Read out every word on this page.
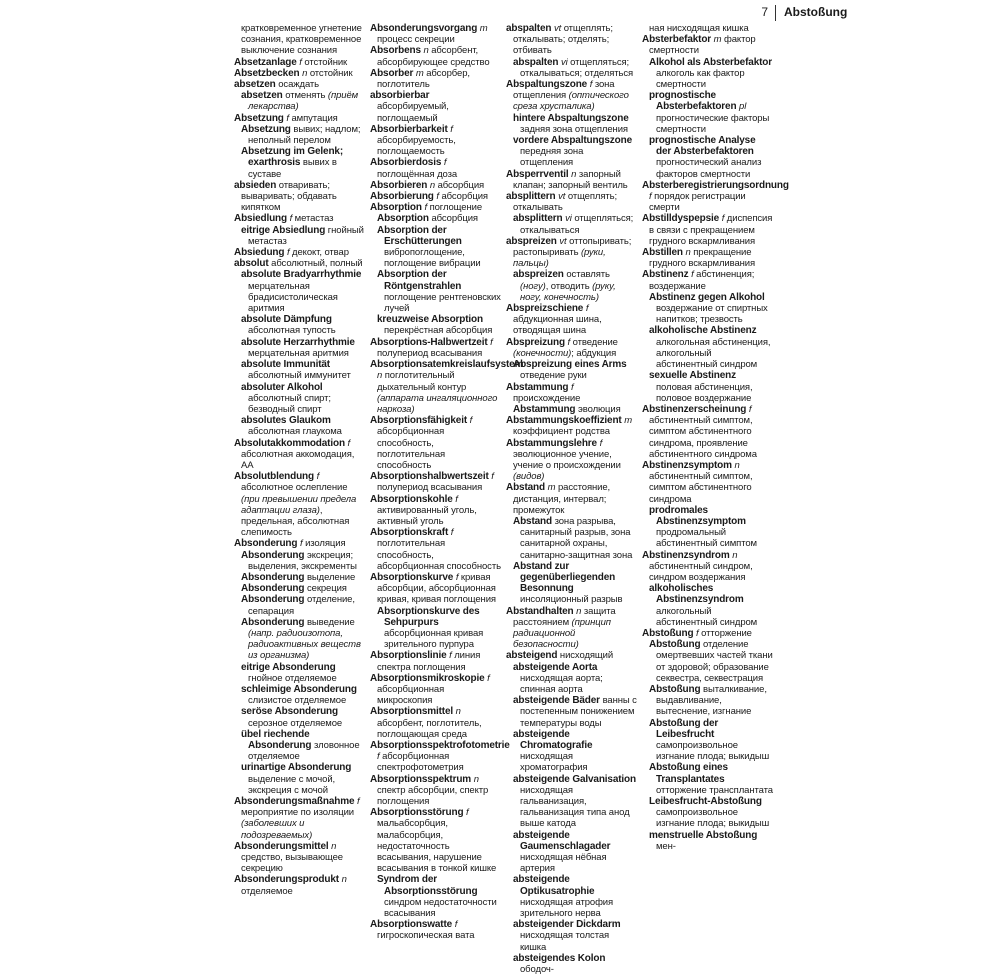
7 Abstoßung

кратковременное угнетение сознания, кратковременное выключение сознания

Absetzanlage f отстойник

Absetzbecken n отстойник

absetzen осаждать

absetzen отменять (приём лекарства)

Absetzung f ампутация

Absetzung вывих; надлом; неполный перелом

Absetzung im Gelenk; exarthrosis вывих в суставе

absieden отваривать; вываривать; обдавать кипятком

Absiedlung f метастаз

eitrige Absiedlung гнойный метастаз

Absiedung f декокт, отвар

absolut абсолютный, полный

absolute Bradyarrhythmie мерцательная брадисистолическая аритмия

absolute Dämpfung абсолютная тупость

absolute Herzarrhythmie мерцательная аритмия

absolute Immunität абсолютный иммунитет

absoluter Alkohol абсолютный спирт; безводный спирт

absolutes Glaukom абсолютная глаукома

Absolutakkommodation f абсолютная аккомодация, АА

Absolutblendung f абсолютное ослепление (при превышении предела адаптации глаза), предельная, абсолютная слепимость

Absonderung f изоляция

Absonderung экскреция; выделения, экскременты

Absonderung выделение

Absonderung секреция

Absonderung отделение, сепарация

Absonderung выведение (напр. радиоизотопа, радиоактивных веществ из организма)

eitrige Absonderung гнойное отделяемое

schleimige Absonderung слизистое отделяемое

seröse Absonderung серозное отделяемое

übel riechende Absonderung зловонное отделяемое

urinartige Absonderung выделение с мочой, экскреция с мочой

Absonderungsmaßnahme f мероприятие по изоляции (заболевших и подозреваемых)

Absonderungsmittel n средство, вызывающее секрецию

Absonderungsprodukt n отделяемое

Absonderungsvorgang m процесс секреции

Absorbens n абсорбент, абсорбирующее средство

Absorber m абсорбер, поглотитель

absorbierbar абсорбируемый, поглощаемый

Absorbierbarkeit f абсорбируемость, поглощаемость

Absorbierdosis f поглощённая доза

Absorbieren n абсорбция

Absorbierung f абсорбция

Absorption f поглощение

Absorption абсорбция

Absorption der Erschütterungen вибропоглощение, поглощение вибрации

Absorption der Röntgenstrahlen поглощение рентгеновских лучей

kreuzweise Absorption перекрёстная абсорбция

Absorptions-Halbwertzeit f полупериод всасывания

Absorptionsatemkreislaufsystem n поглотительный дыхательный контур (аппарата ингаляционного наркоза)

Absorptionsfähigkeit f абсорбционная способность, поглотительная способность

Absorptionshalbwertszeit f полупериод всасывания

Absorptionskohle f активированный уголь, активный уголь

Absorptionskraft f поглотительная способность, абсорбционная способность

Absorptionskurve f кривая абсорбции, абсорбционная кривая, кривая поглощения

Absorptionskurve des Sehpurpurs абсорбционная кривая зрительного пурпура

Absorptionslinie f линия спектра поглощения

Absorptionsmikroskopie f абсорбционная микроскопия

Absorptionsmittel n абсорбент, поглотитель, поглощающая среда

Absorptionsspektrofotometrie f абсорбционная спектрофотометрия

Absorptionsspektrum n спектр абсорбции, спектр поглощения

Absorptionsstörung f мальабсорбция, малабсорбция, недостаточность всасывания, нарушение всасывания в тонкой кишке

Syndrom der Absorptionsstörung синдром недостаточности всасывания

Absorptionswatte f гигроскопическая вата

abspalten vt отщеплять; откалывать; отделять; отбивать

abspalten vi отщепляться; откалываться; отделяться

Abspaltungszone f зона отщепления (оптического среза хрусталика)

hintere Abspaltungszone задняя зона отщепления

vordere Abspaltungszone передняя зона отщепления

Absperrventil n запорный клапан; запорный вентиль

absplittern vt отщеплять; откалывать

absplittern vi отщепляться; откалываться

abspreizen vt оттопыривать; растопыривать (руки, пальцы)

abspreizen оставлять (ногу), отводить (руку, ногу, конечность)

Abspreizschiene f абдукционная шина, отводящая шина

Abspreizung f отведение (конечности); абдукция

Abspreizung eines Arms отведение руки

Abstammung f происхождение

Abstammung эволюция

Abstammungskoeffizient m коэффициент родства

Abstammungslehre f эволюционное учение, учение о происхождении (видов)

Abstand m расстояние, дистанция, интервал; промежуток

Abstand зона разрыва, санитарный разрыв, зона санитарной охраны, санитарно-защитная зона

Abstand zur gegenüberliegenden Besonnung инсоляционный разрыв

Abstandhalten n защита расстоянием (принцип радиационной безопасности)

absteigend нисходящий

absteigende Aorta нисходящая аорта; спинная аорта

absteigende Bäder ванны с постепенным понижением температуры воды

absteigende Chromatografie нисходящая хроматография

absteigende Galvanisation нисходящая гальванизация, гальванизация типа анод выше катода

absteigende Gaumenschlagader нисходящая нёбная артерия

absteigende Optikusatrophie нисходящая атрофия зрительного нерва

absteigender Dickdarm нисходящая толстая кишка

absteigendes Kolon ободоч-

ная нисходящая кишка

Absterbefaktor m фактор смертности

Alkohol als Absterbefaktor алкоголь как фактор смертности

prognostische Absterbefaktoren pl прогностические факторы смертности

prognostische Analyse der Absterbefaktoren прогностический анализ факторов смертности

Absterberegistrierungsordnung f порядок регистрации смерти

Abstilldyspepsie f диспепсия в связи с прекращением грудного вскармливания

Abstillen n прекращение грудного вскармливания

Abstinenz f абстиненция; воздержание

Abstinenz gegen Alkohol воздержание от спиртных напитков; трезвость

alkoholische Abstinenz алкогольная абстиненция, алкогольный абстинентный синдром

sexuelle Abstinenz половая абстиненция, половое воздержание

Abstinenzerscheinung f абстинентный симптом, симптом абстинентного синдрома, проявление абстинентного синдрома

Abstinenzsymptom n абстинентный симптом, симптом абстинентного синдрома

prodromales Abstinenzsymptom продромальный абстинентный симптом

Abstinenzsyndrom n абстинентный синдром, синдром воздержания

alkoholisches Abstinenzsyndrom алкогольный абстинентный синдром

Abstoßung f отторжение

Abstoßung отделение омертвевших частей ткани от здоровой; образование секвестра, секвестрация

Abstoßung выталкивание, выдавливание, вытеснение, изгнание

Abstoßung der Leibesfrucht самопроизвольное изгнание плода; выкидыш

Abstoßung eines Transplantates отторжение трансплантата

Leibesfrucht-Abstoßung самопроизвольное изгнание плода; выкидыш

menstruelle Abstoßung мен-
